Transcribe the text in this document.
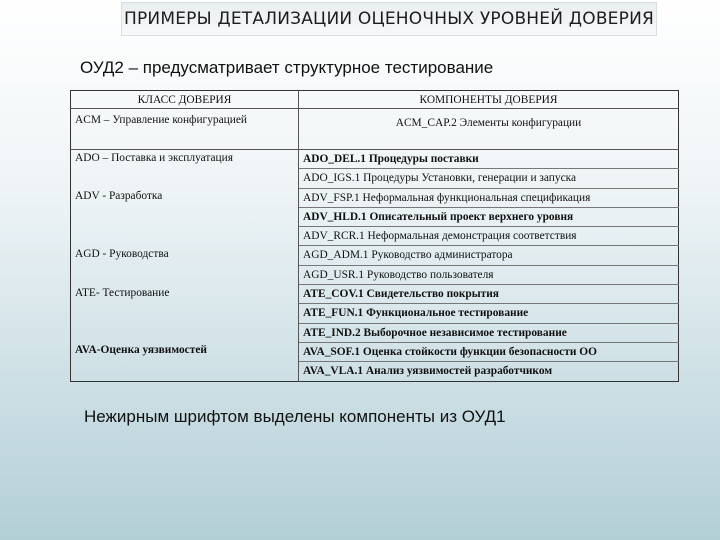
ПРИМЕРЫ ДЕТАЛИЗАЦИИ ОЦЕНОЧНЫХ УРОВНЕЙ ДОВЕРИЯ
ОУД2 – предусматривает структурное тестирование
КЛАСС ДОВЕРИЯ	КОМПОНЕНТЫ ДОВЕРИЯ
ACM – Управление конфигурацией	ACM_CAP.2 Элементы конфигурации
ADO – Поставка и эксплуатация	ADO_DEL.1 Процедуры поставки
	ADO_IGS.1 Процедуры Установки, генерации и запуска
ADV - Разработка	ADV_FSP.1 Неформальная функциональная спецификация
	ADV_HLD.1 Описательный проект верхнего уровня
	ADV_RCR.1 Неформальная демонстрация соответствия
AGD - Руководства	AGD_ADM.1 Руководство администратора
	AGD_USR.1 Руководство пользователя
ATE- Тестирование	ATE_COV.1 Свидетельство покрытия
	ATE_FUN.1 Функциональное тестирование
	ATE_IND.2 Выборочное независимое тестирование
AVA-Оценка уязвимостей	AVA_SOF.1 Оценка стойкости функции безопасности ОО
	AVA_VLA.1 Анализ уязвимостей разработчиком
Нежирным шрифтом выделены компоненты из ОУД1
